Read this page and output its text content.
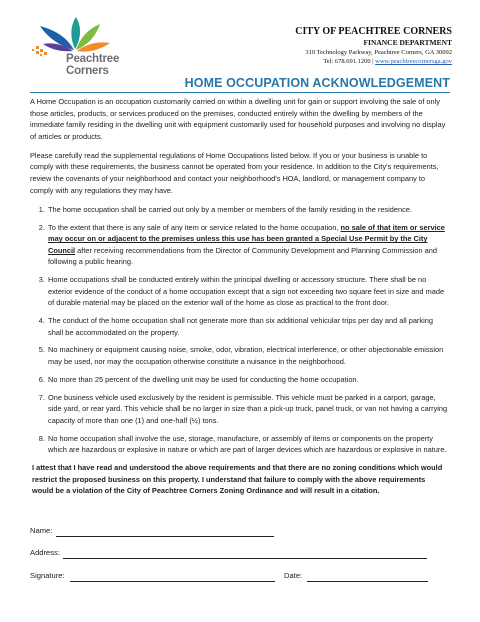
Peachtree
Corners
CITY OF PEACHTREE CORNERS
FINANCE DEPARTMENT
310 Technology Parkway, Peachtree Corners, GA 30092
Tel: 678.691.1200 | www.peachtreecornersga.gov
HOME OCCUPATION ACKNOWLEDGEMENT

A Home Occupation is an occupation customarily carried on within a dwelling unit for gain or support involving the sale of only those articles, products, or services produced on the premises, conducted entirely within the dwelling by members of the immediate family residing in the dwelling unit with equipment customarily used for household purposes and involving no display of articles or products.

Please carefully read the supplemental regulations of Home Occupations listed below. If you or your business is unable to comply with these requirements, the business cannot be operated from your residence. In addition to the City's requirements, review the covenants of your neighborhood and contact your neighborhood's HOA, landlord, or management company to comply with any regulations they may have.

1. The home occupation shall be carried out only by a member or members of the family residing in the residence.
2. To the extent that there is any sale of any item or service related to the home occupation, no sale of that item or service may occur on or adjacent to the premises unless this use has been granted a Special Use Permit by the City Council after receiving recommendations from the Director of Community Development and Planning Commission and following a public hearing.
3. Home occupations shall be conducted entirely within the principal dwelling or accessory structure. There shall be no exterior evidence of the conduct of a home occupation except that a sign not exceeding two square feet in size and made of durable material may be placed on the exterior wall of the home as close as practical to the front door.
4. The conduct of the home occupation shall not generate more than six additional vehicular trips per day and all parking shall be accommodated on the property.
5. No machinery or equipment causing noise, smoke, odor, vibration, electrical interference, or other objectionable emission may be used, nor may the occupation otherwise constitute a nuisance in the neighborhood.
6. No more than 25 percent of the dwelling unit may be used for conducting the home occupation.
7. One business vehicle used exclusively by the resident is permissible. This vehicle must be parked in a carport, garage, side yard, or rear yard. This vehicle shall be no larger in size than a pick-up truck, panel truck, or van not having a carrying capacity of more than one (1) and one-half (½) tons.
8. No home occupation shall involve the use, storage, manufacture, or assembly of items or components on the property which are hazardous or explosive in nature or which are part of larger devices which are hazardous or explosive in nature.

I attest that I have read and understood the above requirements and that there are no zoning conditions which would restrict the proposed business on this property. I understand that failure to comply with the above requirements would be a violation of the City of Peachtree Corners Zoning Ordinance and will result in a citation.

Name:
Address:
Signature:	Date:
